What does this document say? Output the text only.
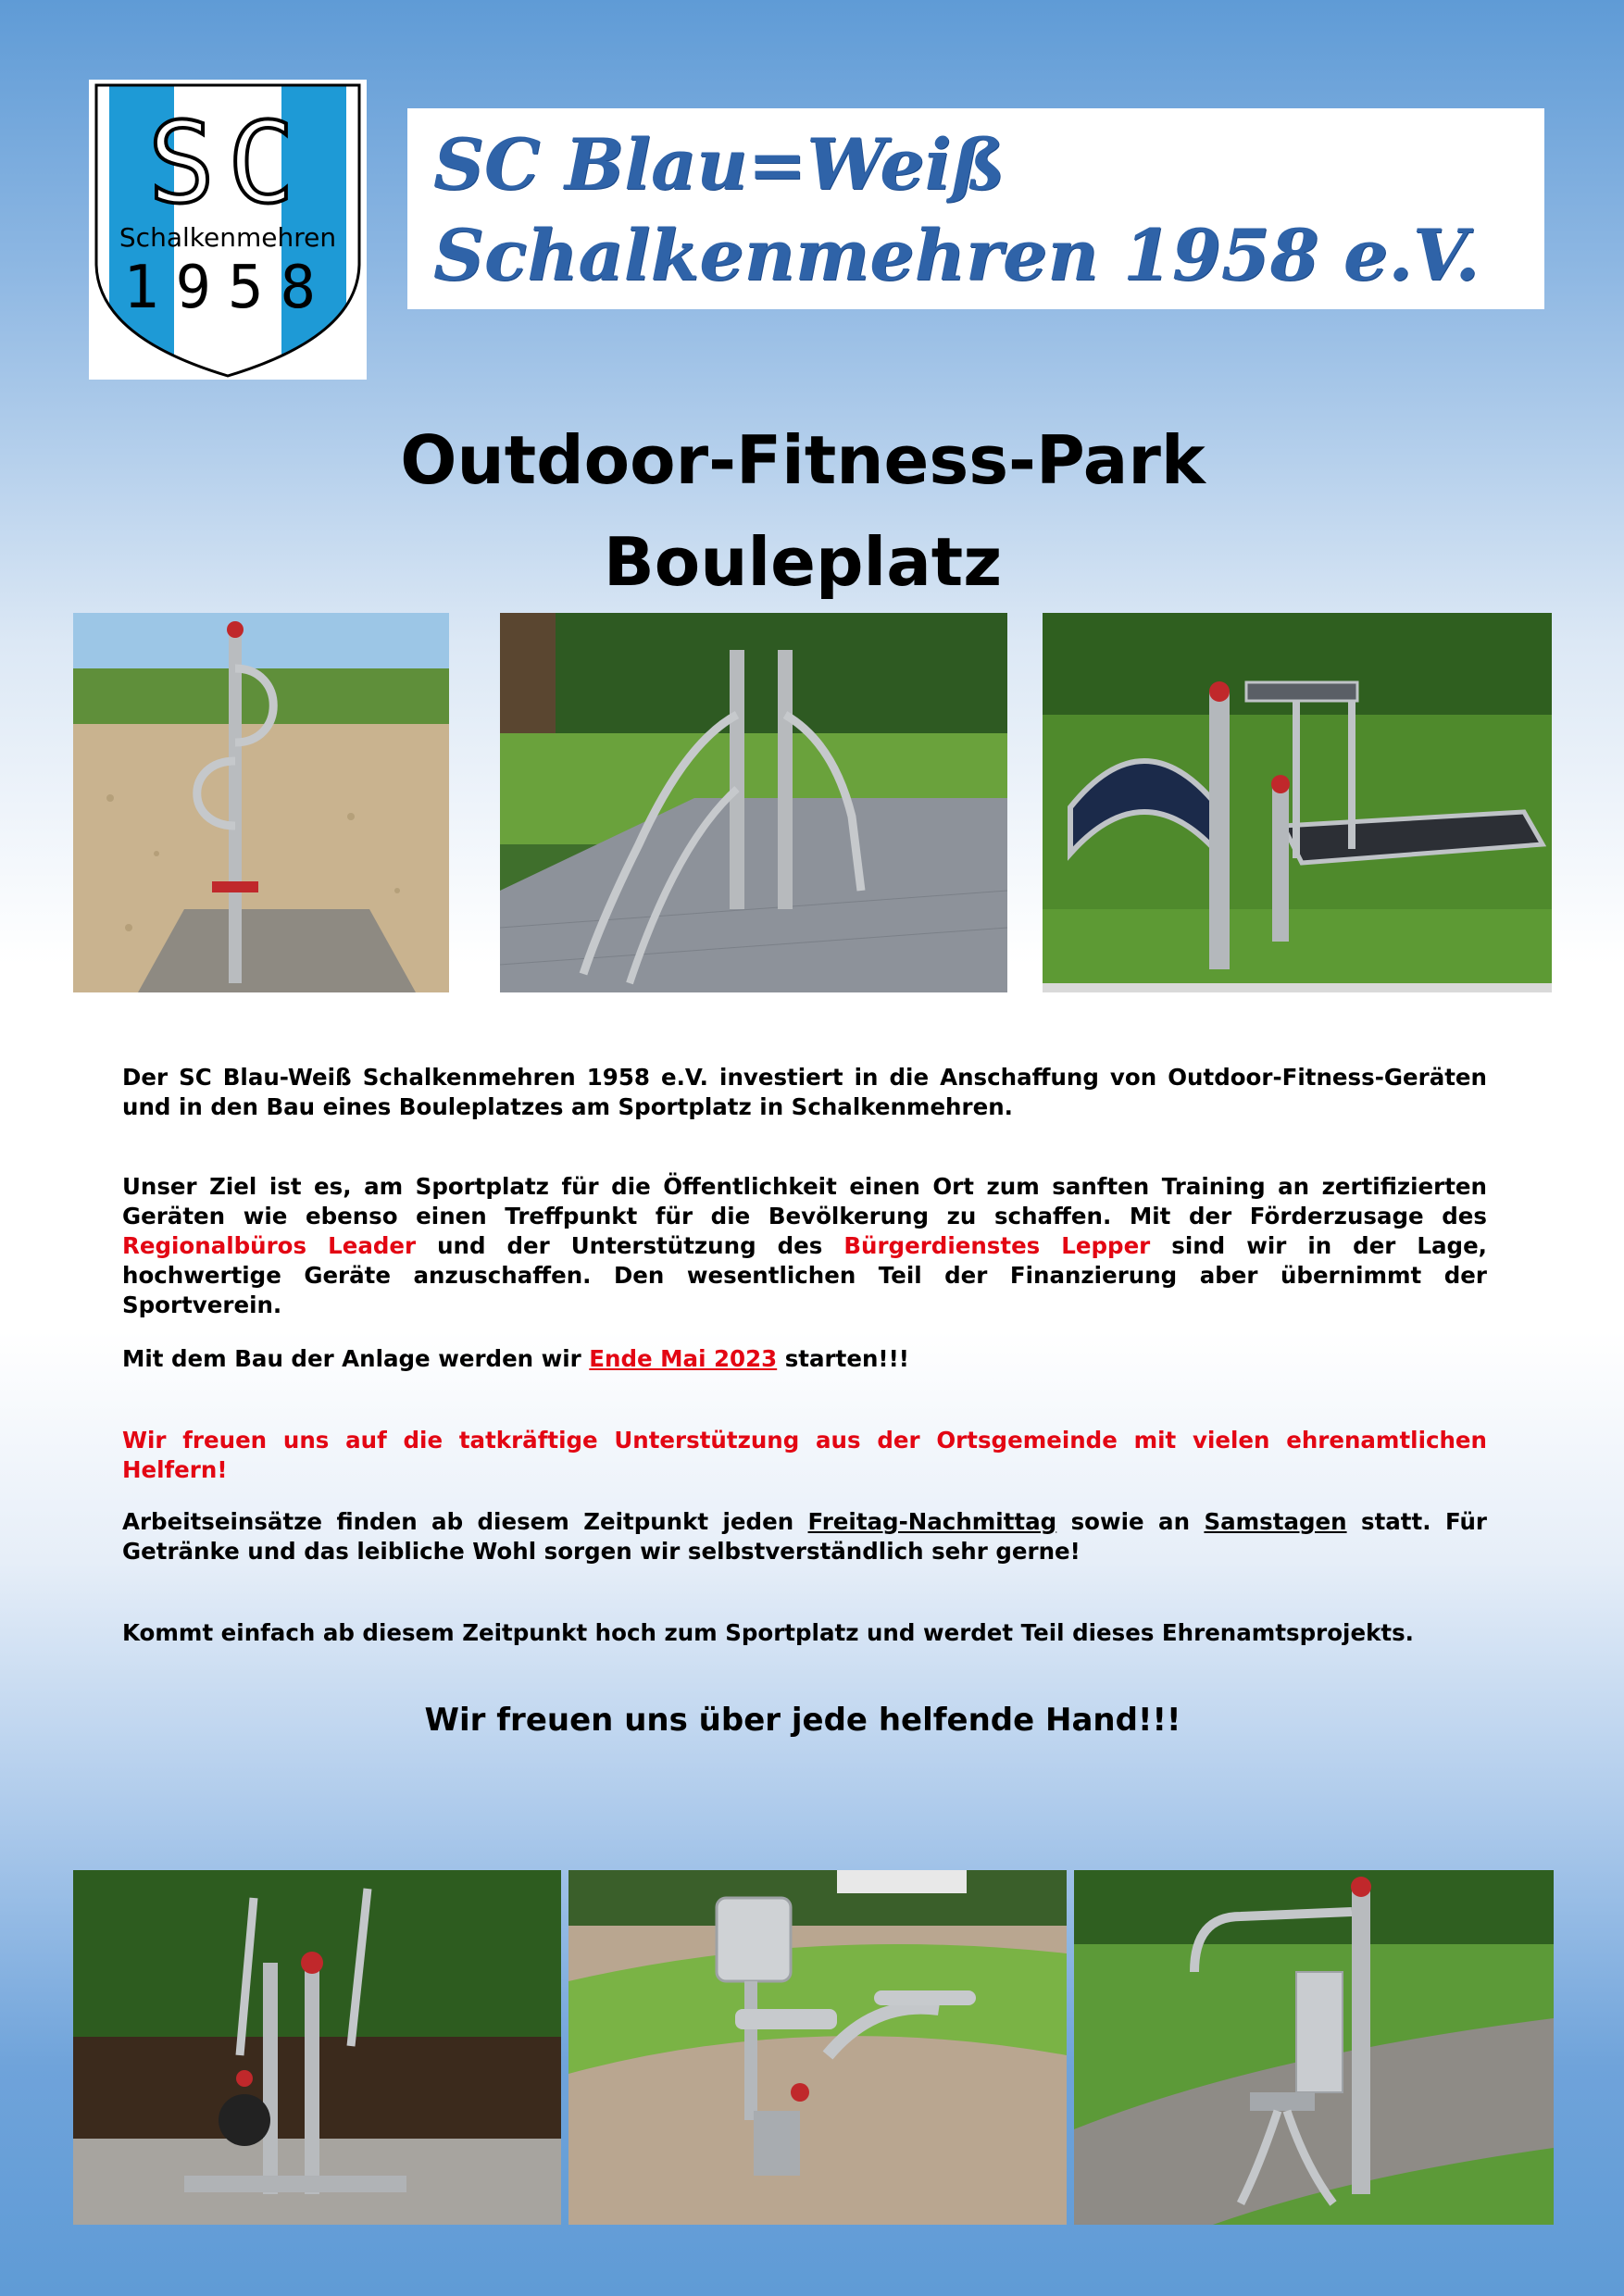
SC
Schalkenmehren
1958
SC Blau=Weiß
Schalkenmehren 1958 e.V.
Outdoor-Fitness-Park
Bouleplatz

Der SC Blau-Weiß Schalkenmehren 1958 e.V. investiert in die Anschaffung von Outdoor-Fitness-Geräten und in den Bau eines Bouleplatzes am Sportplatz in Schalkenmehren.

Unser Ziel ist es, am Sportplatz für die Öffentlichkeit einen Ort zum sanften Training an zertifizierten Geräten wie ebenso einen Treffpunkt für die Bevölkerung zu schaffen. Mit der Förderzusage des Regionalbüros Leader und der Unterstützung des Bürgerdienstes Lepper sind wir in der Lage, hochwertige Geräte anzuschaffen. Den wesentlichen Teil der Finanzierung aber übernimmt der Sportverein.

Mit dem Bau der Anlage werden wir Ende Mai 2023 starten!!!

Wir freuen uns auf die tatkräftige Unterstützung aus der Ortsgemeinde mit vielen ehrenamtlichen Helfern!

Arbeitseinsätze finden ab diesem Zeitpunkt jeden Freitag-Nachmittag sowie an Samstagen statt. Für Getränke und das leibliche Wohl sorgen wir selbstverständlich sehr gerne!

Kommt einfach ab diesem Zeitpunkt hoch zum Sportplatz und werdet Teil dieses Ehrenamtsprojekts.

Wir freuen uns über jede helfende Hand!!!
